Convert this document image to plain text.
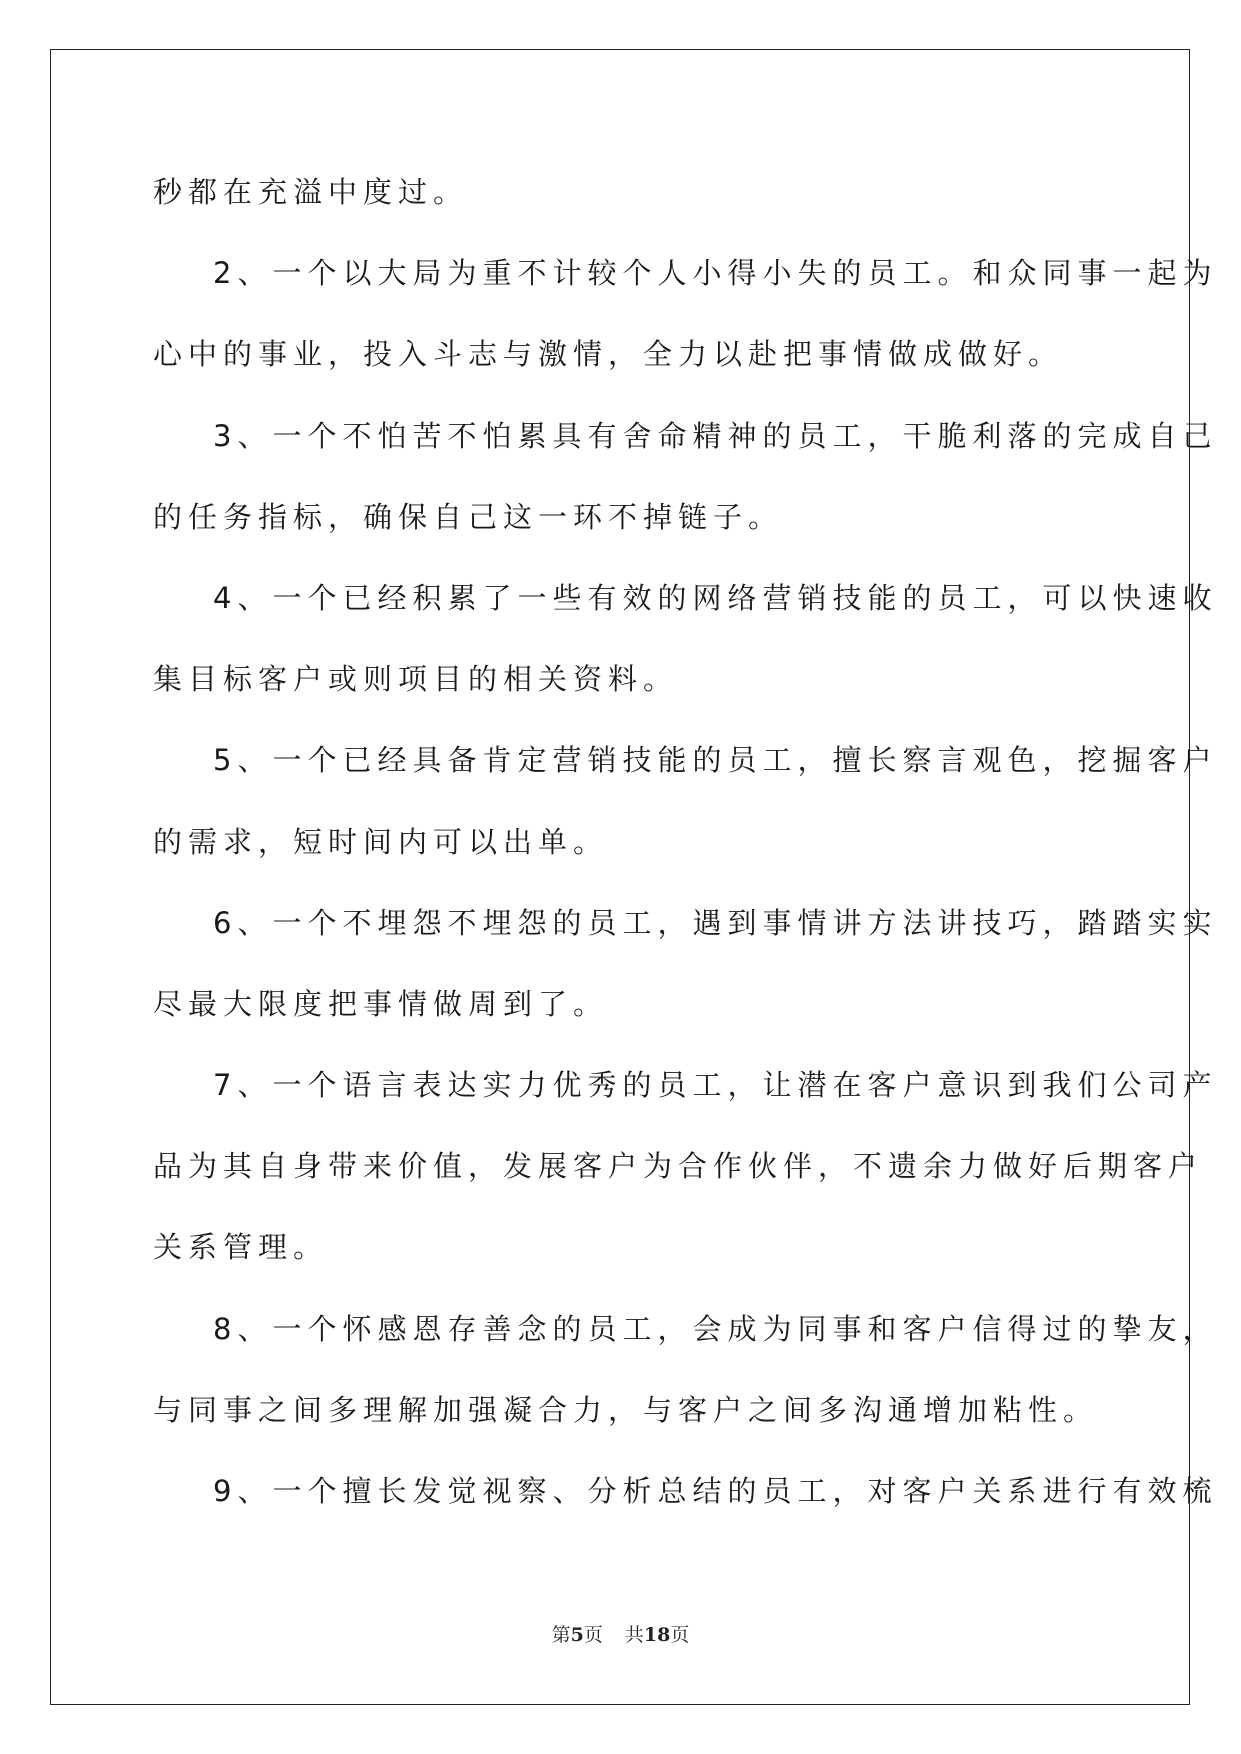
秒都在充溢中度过。
2、一个以大局为重不计较个人小得小失的员工。和众同事一起为
心中的事业，投入斗志与激情，全力以赴把事情做成做好。
3、一个不怕苦不怕累具有舍命精神的员工，干脆利落的完成自己
的任务指标，确保自己这一环不掉链子。
4、一个已经积累了一些有效的网络营销技能的员工，可以快速收
集目标客户或则项目的相关资料。
5、一个已经具备肯定营销技能的员工，擅长察言观色，挖掘客户
的需求，短时间内可以出单。
6、一个不埋怨不埋怨的员工，遇到事情讲方法讲技巧，踏踏实实
尽最大限度把事情做周到了。
7、一个语言表达实力优秀的员工，让潜在客户意识到我们公司产
品为其自身带来价值，发展客户为合作伙伴，不遗余力做好后期客户
关系管理。
8、一个怀感恩存善念的员工，会成为同事和客户信得过的挚友，
与同事之间多理解加强凝合力，与客户之间多沟通增加粘性。
9、一个擅长发觉视察、分析总结的员工，对客户关系进行有效梳
第5页 共18页
